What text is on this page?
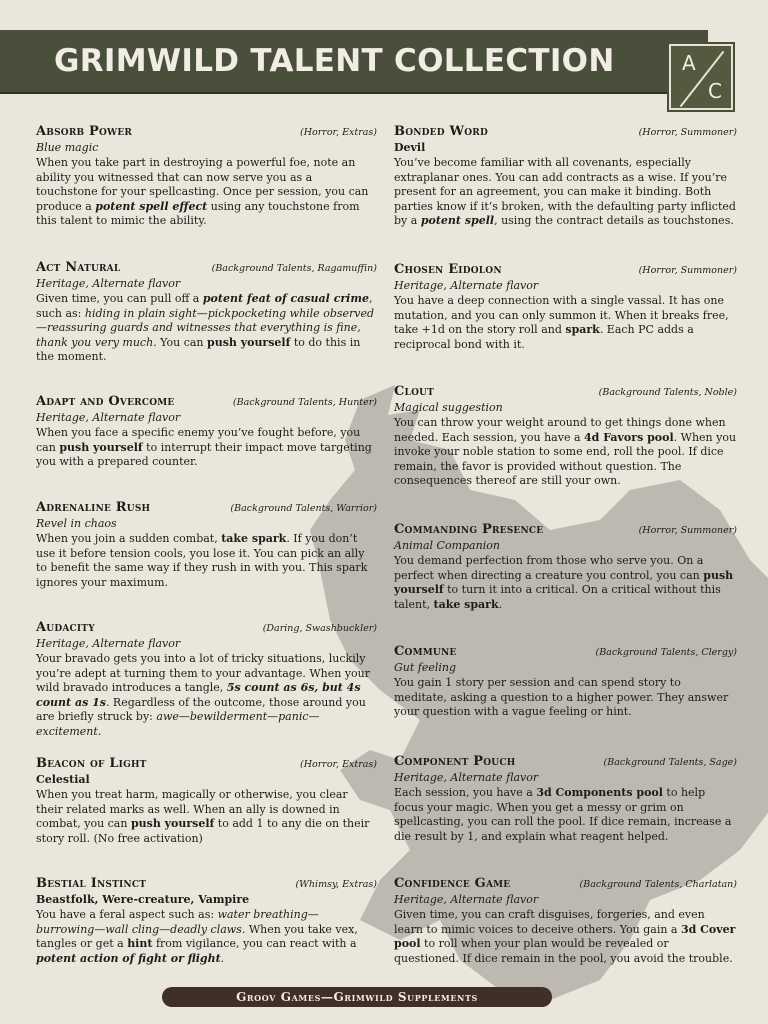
GRIMWILD TALENT COLLECTION	A
C
Absorb Power	(Horror, Extras)
Blue magic
When you take part in destroying a powerful foe, note an ability you witnessed that can now serve you as a touchstone for your spellcasting. Once per session, you can produce a potent spell effect using any touchstone from this talent to mimic the ability.
Act Natural	(Background Talents, Ragamuffin)
Heritage, Alternate flavor
Given time, you can pull off a potent feat of casual crime, such as: hiding in plain sight—pickpocketing while observed—reassuring guards and witnesses that everything is fine, thank you very much. You can push yourself to do this in the moment.
Adapt and Overcome	(Background Talents, Hunter)
Heritage, Alternate flavor
When you face a specific enemy you’ve fought before, you can push yourself to interrupt their impact move targeting you with a prepared counter.
Adrenaline Rush	(Background Talents, Warrior)
Revel in chaos
When you join a sudden combat, take spark. If you don’t use it before tension cools, you lose it. You can pick an ally to benefit the same way if they rush in with you. This spark ignores your maximum.
Audacity	(Daring, Swashbuckler)
Heritage, Alternate flavor
Your bravado gets you into a lot of tricky situations, luckily you’re adept at turning them to your advantage. When your wild bravado introduces a tangle, 5s count as 6s, but 4s count as 1s. Regardless of the outcome, those around you are briefly struck by: awe—bewilderment—panic—excitement.
Beacon of Light	(Horror, Extras)
Celestial
When you treat harm, magically or otherwise, you clear their related marks as well. When an ally is downed in combat, you can push yourself to add 1 to any die on their story roll. (No free activation)
Bestial Instinct	(Whimsy, Extras)
Beastfolk, Were-creature, Vampire
You have a feral aspect such as: water breathing—burrowing—wall cling—deadly claws. When you take vex, tangles or get a hint from vigilance, you can react with a potent action of fight or flight.
Bonded Word	(Horror, Summoner)
Devil
You’ve become familiar with all covenants, especially extraplanar ones. You can add contracts as a wise. If you’re present for an agreement, you can make it binding. Both parties know if it’s broken, with the defaulting party inflicted by a potent spell, using the contract details as touchstones.
Chosen Eidolon	(Horror, Summoner)
Heritage, Alternate flavor
You have a deep connection with a single vassal. It has one mutation, and you can only summon it. When it breaks free, take +1d on the story roll and spark. Each PC adds a reciprocal bond with it.
Clout	(Background Talents, Noble)
Magical suggestion
You can throw your weight around to get things done when needed. Each session, you have a 4d Favors pool. When you invoke your noble station to some end, roll the pool. If dice remain, the favor is provided without question. The consequences thereof are still your own.
Commanding Presence	(Horror, Summoner)
Animal Companion
You demand perfection from those who serve you. On a perfect when directing a creature you control, you can push yourself to turn it into a critical. On a critical without this talent, take spark.
Commune	(Background Talents, Clergy)
Gut feeling
You gain 1 story per session and can spend story to meditate, asking a question to a higher power. They answer your question with a vague feeling or hint.
Component Pouch	(Background Talents, Sage)
Heritage, Alternate flavor
Each session, you have a 3d Components pool to help focus your magic. When you get a messy or grim on spellcasting, you can roll the pool. If dice remain, increase a die result by 1, and explain what reagent helped.
Confidence Game	(Background Talents, Charlatan)
Heritage, Alternate flavor
Given time, you can craft disguises, forgeries, and even learn to mimic voices to deceive others. You gain a 3d Cover pool to roll when your plan would be revealed or questioned. If dice remain in the pool, you avoid the trouble.
Groov Games—Grimwild Supplements
